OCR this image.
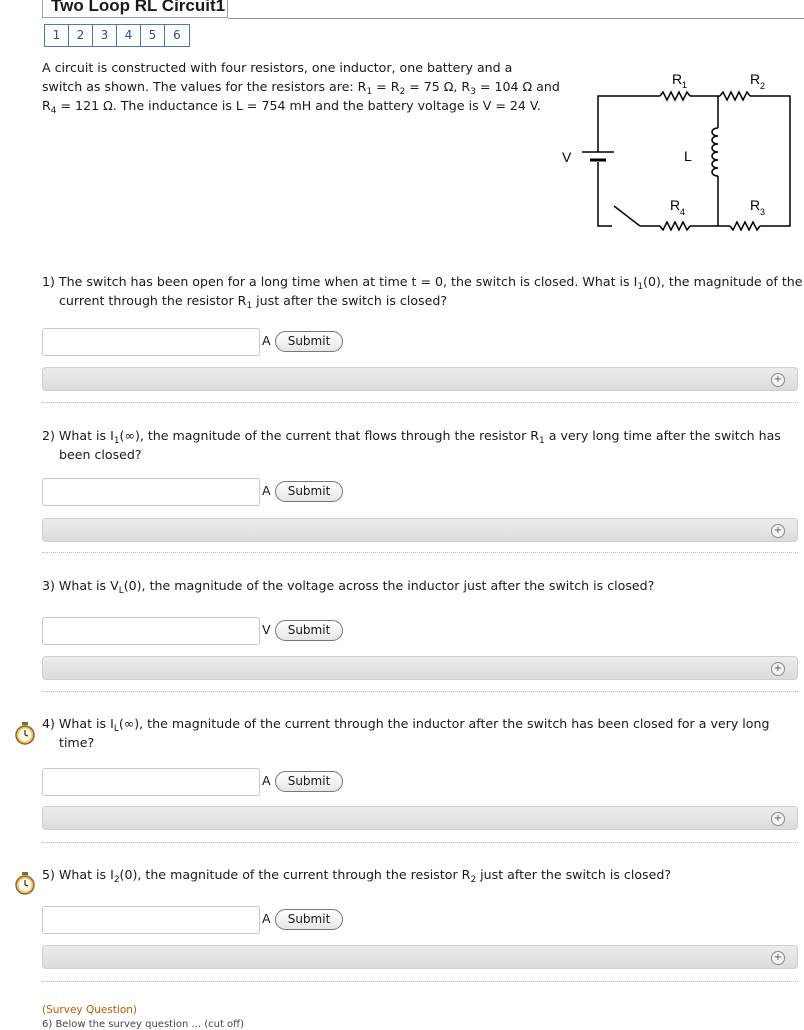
Two Loop RL Circuit1
1	2	3	4	5	6
A circuit is constructed with four resistors, one inductor, one battery and a
switch as shown. The values for the resistors are: $R_1 = R_2 = 75$ Ω, $R_3 = 104$ Ω and
$R_4 = 121$ Ω. The inductance is L = 754 mH and the battery voltage is V = 24 V.
R 1	R 2
R 3
R 4
L
V
1) The switch has been open for a long time when at time t = 0, the switch is closed. What is $I_1(0)$, the magnitude of the
current through the resistor $R_1$ just after the switch is closed?
A	Submit
+
2) What is $I_1(\infty)$, the magnitude of the current that flows through the resistor $R_1$ a very long time after the switch has
been closed?
A	Submit
+
3) What is $V_L(0)$, the magnitude of the voltage across the inductor just after the switch is closed?
V	Submit
+
4) What is $I_L(\infty)$, the magnitude of the current through the inductor after the switch has been closed for a very long
time?
A	Submit
+
5) What is $I_2(0)$, the magnitude of the current through the resistor $R_2$ just after the switch is closed?
A	Submit
+
(Survey Question)
6) Below the survey question ... (cut off)
